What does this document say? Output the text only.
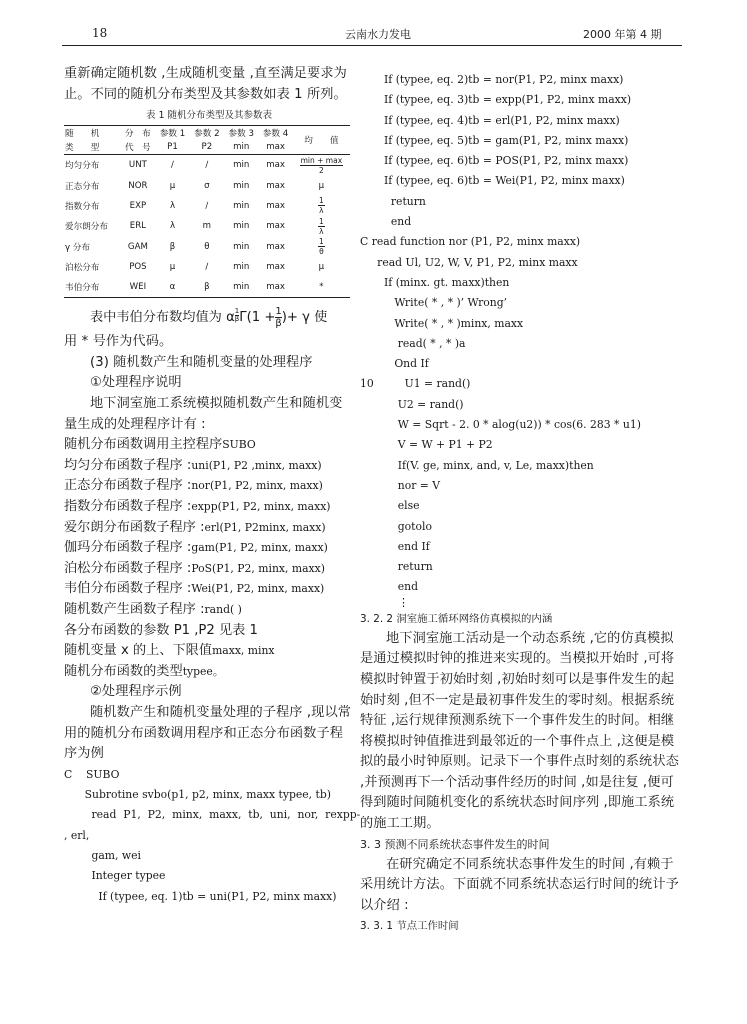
18	云南水力发电	2000 年第 4 期

重新确定随机数 ,生成随机变量 ,直至满足要求为止。不同的随机分布类型及其参数如表 1 所列。

表 1 随机分布类型及其参数表
随　　机	分　布	参数 1	参数 2	参数 3	参数 4	均　　值
类　　型	代　号	P1	P2	min	max	
均匀分布	UNT	∕	∕	min	max	$\frac{\min + \max}{2}$

正态分布	NOR	μ	σ	min	max	μ
指数分布	EXP	λ	∕	min	max	$\frac{1}{\lambda}$

爱尔朗分布	ERL	λ	m	min	max	$\frac{1}{\lambda}$

γ 分布	GAM	β	θ	min	max	$\frac{1}{\theta}$

泊松分布	POS	μ	∕	min	max	μ
韦伯分布	WEI	α	β	min	max	*

表中韦伯分布数均值为 α $\frac{1}{\beta} \Gamma(1 + \frac{1}{\beta}$ )+ γ 使

用 * 号作为代码。

(3) 随机数产生和随机变量的处理程序

①处理程序说明

地下洞室施工系统模拟随机数产生和随机变量生成的处理程序计有 :

随机分布函数调用主控程序 SUBO
均匀分布函数子程序 : uni(P1, P2 ,minx, maxx)
正态分布函数子程序 : nor(P1, P2, minx, maxx)
指数分布函数子程序 : expp(P1, P2, minx, maxx)
爱尔朗分布函数子程序 : erl(P1, P2minx, maxx)
伽玛分布函数子程序 : gam(P1, P2, minx, maxx)
泊松分布函数子程序 : PoS(P1, P2, minx, maxx)
韦伯分布函数子程序 : Wei(P1, P2, minx, maxx)
随机数产生函数子程序 : rand( )
各分布函数的参数 P1 ,P2 见表 1
随机变量 x 的上、下限值 maxx, minx
随机分布函数的类型 typee。

②处理程序示例

随机数产生和随机变量处理的子程序 ,现以常用的随机分布函数调用程序和正态分布函数子程序为例

C    SUBO
Subrotine svbo(p1, p2, minx, maxx typee, tb)
read  P1,  P2,  minx,  maxx,  tb,  uni,  nor,  rexpp-
, erl,
gam, wei
Integer typee
If (typee, eq. 1)tb = uni(P1, P2, minx maxx)
If (typee, eq. 2)tb = nor(P1, P2, minx maxx)
If (typee, eq. 3)tb = expp(P1, P2, minx maxx)
If (typee, eq. 4)tb = erl(P1, P2, minx maxx)
If (typee, eq. 5)tb = gam(P1, P2, minx maxx)
If (typee, eq. 6)tb = POS(P1, P2, minx maxx)
If (typee, eq. 6)tb = Wei(P1, P2, minx maxx)
return
end
C read function nor (P1, P2, minx maxx)
read Ul, U2, W, V, P1, P2, minx maxx
If (minx. gt. maxx)then
Write( * , * )’ Wrong’
Write( * , * )minx, maxx
read( * , * )a
Ond If
10         U1 = rand()
U2 = rand()
W = Sqrt - 2. 0 * alog(u2)) * cos(6. 283 * u1)
V = W + P1 + P2
If(V. ge, minx, and, v, Le, maxx)then
nor = V
else
gotolo
end If
return
end
⋮

3. 2. 2 洞室施工循环网络仿真模拟的内涵

地下洞室施工活动是一个动态系统 ,它的仿真模拟是通过模拟时钟的推进来实现的。当模拟开始时 ,可将模拟时钟置于初始时刻 ,初始时刻可以是事件发生的起始时刻 ,但不一定是最初事件发生的零时刻。根据系统特征 ,运行规律预测系统下一个事件发生的时间。相继将模拟时钟值推进到最邻近的一个事件点上 ,这便是模拟的最小时钟原则。记录下一个事件点时刻的系统状态 ,并预测再下一个活动事件经历的时间 ,如是往复 ,便可得到随时间随机变化的系统状态时间序列 ,即施工系统的施工工期。

3. 3 预测不同系统状态事件发生的时间

在研究确定不同系统状态事件发生的时间 ,有赖于采用统计方法。下面就不同系统状态运行时间的统计予以介绍 :

3. 3. 1 节点工作时间
